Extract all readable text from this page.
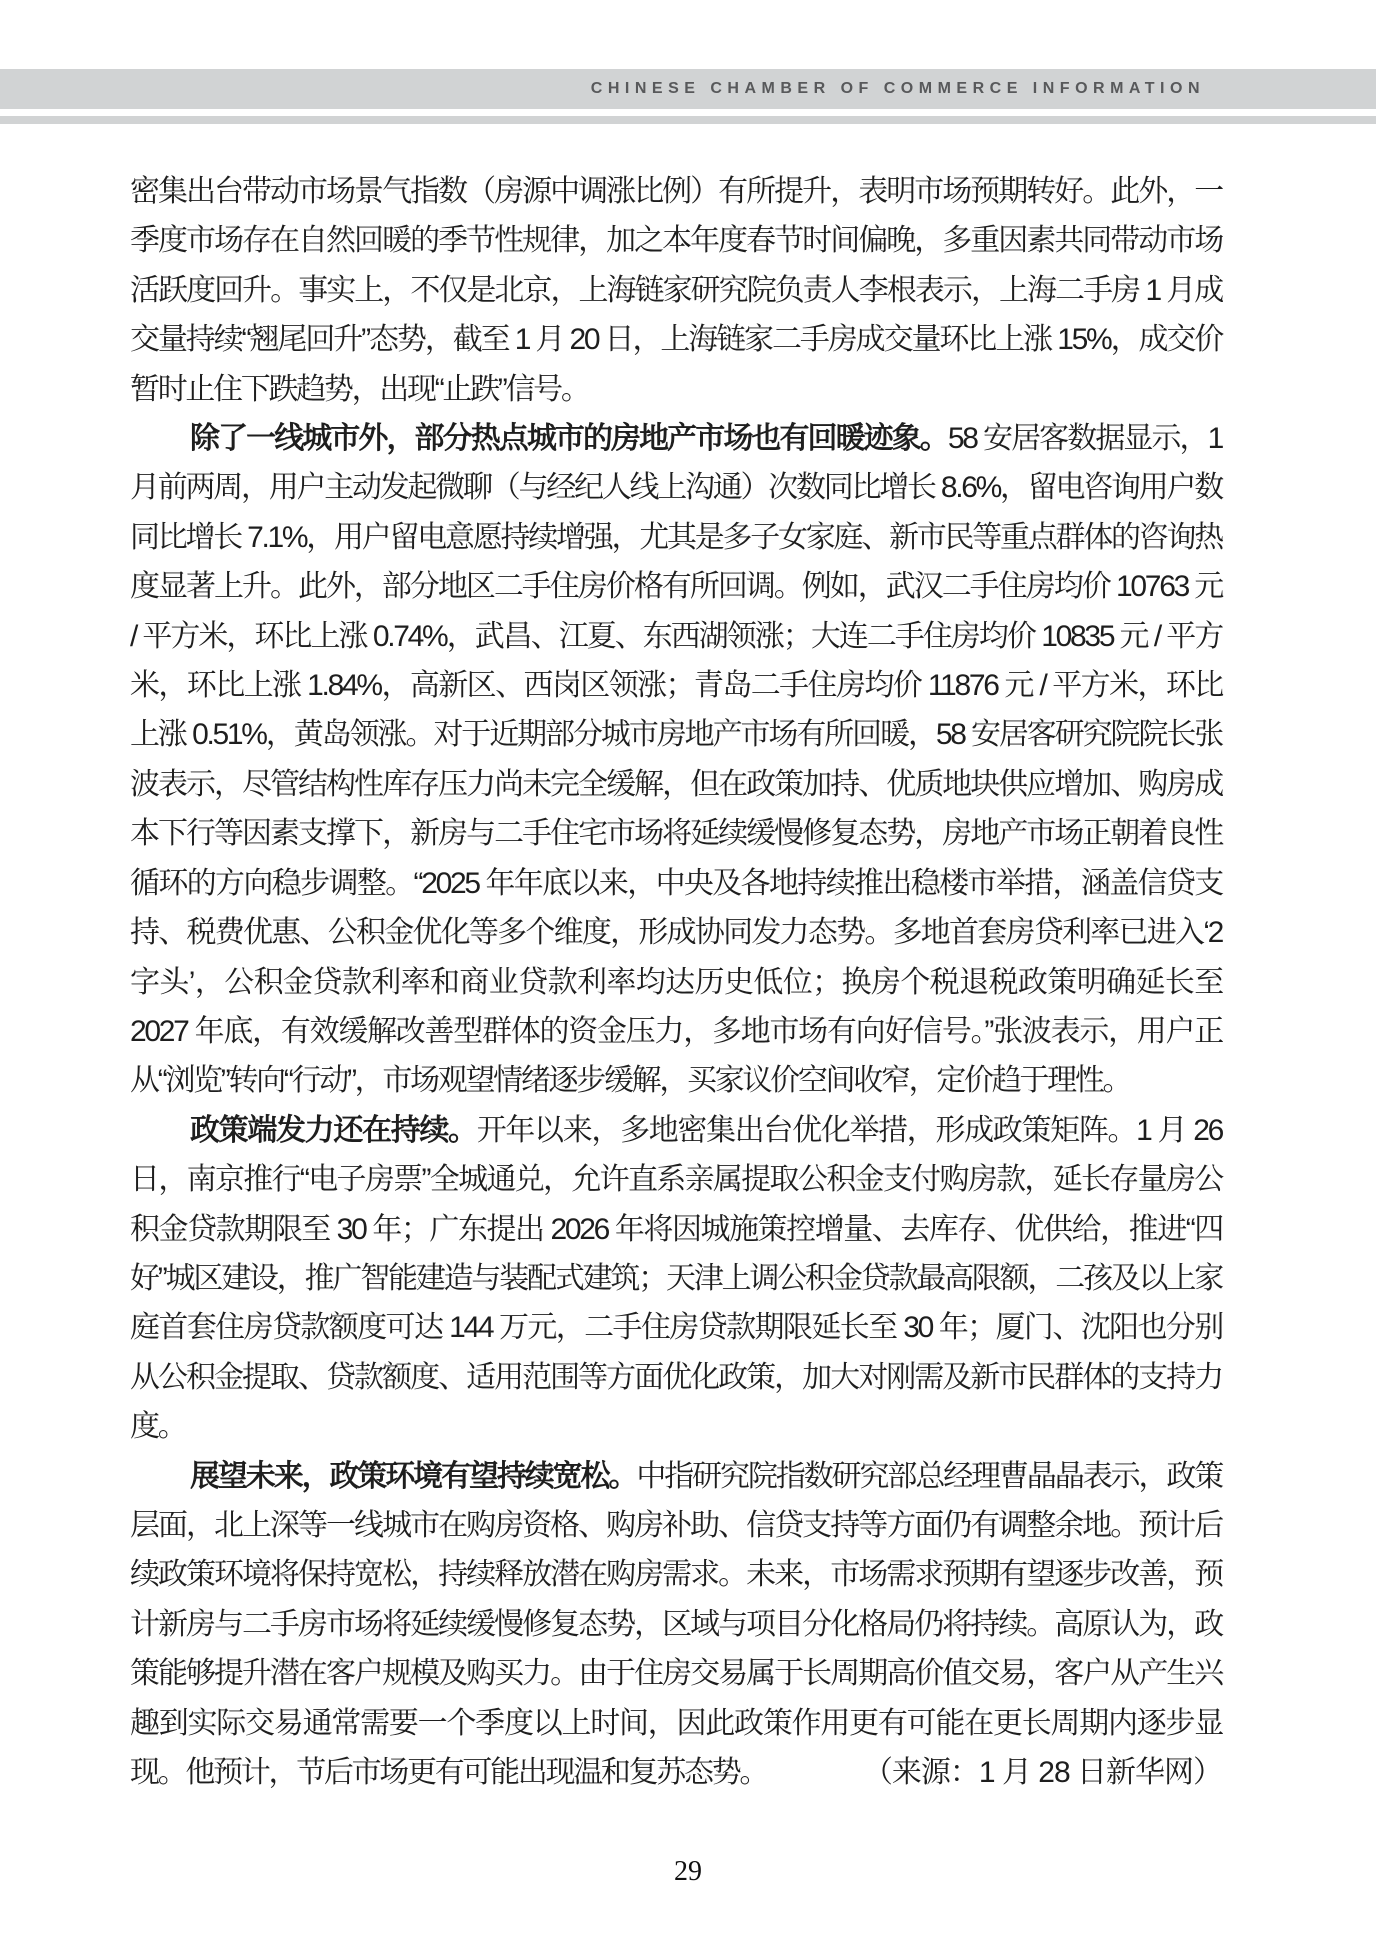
CHINESE CHAMBER OF COMMERCE INFORMATION

密集出台带动市场景气指数（房源中调涨比例）有所提升，表明市场预期转好。此外，一季度市场存在自然回暖的季节性规律，加之本年度春节时间偏晚，多重因素共同带动市场活跃度回升。事实上，不仅是北京，上海链家研究院负责人李根表示，上海二手房 1 月成交量持续“翘尾回升”态势，截至 1 月 20 日，上海链家二手房成交量环比上涨 15%，成交价暂时止住下跌趋势，出现“止跌”信号。

除了一线城市外，部分热点城市的房地产市场也有回暖迹象。58 安居客数据显示，1 月前两周，用户主动发起微聊（与经纪人线上沟通）次数同比增长 8.6%，留电咨询用户数同比增长 7.1%，用户留电意愿持续增强，尤其是多子女家庭、新市民等重点群体的咨询热度显著上升。此外，部分地区二手住房价格有所回调。例如，武汉二手住房均价 10763 元 / 平方米，环比上涨 0.74%，武昌、江夏、东西湖领涨；大连二手住房均价 10835 元 / 平方米，环比上涨 1.84%，高新区、西岗区领涨；青岛二手住房均价 11876 元 / 平方米，环比上涨 0.51%，黄岛领涨。对于近期部分城市房地产市场有所回暖，58 安居客研究院院长张波表示，尽管结构性库存压力尚未完全缓解，但在政策加持、优质地块供应增加、购房成本下行等因素支撑下，新房与二手住宅市场将延续缓慢修复态势，房地产市场正朝着良性循环的方向稳步调整。“2025 年年底以来，中央及各地持续推出稳楼市举措，涵盖信贷支持、税费优惠、公积金优化等多个维度，形成协同发力态势。多地首套房贷利率已进入‘2 字头’，公积金贷款利率和商业贷款利率均达历史低位；换房个税退税政策明确延长至 2027 年底，有效缓解改善型群体的资金压力，多地市场有向好信号。”张波表示，用户正从“浏览”转向“行动”，市场观望情绪逐步缓解，买家议价空间收窄，定价趋于理性。

政策端发力还在持续。开年以来，多地密集出台优化举措，形成政策矩阵。1 月 26 日，南京推行“电子房票”全城通兑，允许直系亲属提取公积金支付购房款，延长存量房公积金贷款期限至 30 年；广东提出 2026 年将因城施策控增量、去库存、优供给，推进“四好”城区建设，推广智能建造与装配式建筑；天津上调公积金贷款最高限额，二孩及以上家庭首套住房贷款额度可达 144 万元，二手住房贷款期限延长至 30 年；厦门、沈阳也分别从公积金提取、贷款额度、适用范围等方面优化政策，加大对刚需及新市民群体的支持力度。

展望未来，政策环境有望持续宽松。中指研究院指数研究部总经理曹晶晶表示，政策层面，北上深等一线城市在购房资格、购房补助、信贷支持等方面仍有调整余地。预计后续政策环境将保持宽松，持续释放潜在购房需求。未来，市场需求预期有望逐步改善，预计新房与二手房市场将延续缓慢修复态势，区域与项目分化格局仍将持续。高原认为，政策能够提升潜在客户规模及购买力。由于住房交易属于长周期高价值交易，客户从产生兴趣到实际交易通常需要一个季度以上时间，因此政策作用更有可能在更长周期内逐步显现。他预计，节后市场更有可能出现温和复苏态势。	（来源：1 月 28 日新华网）

29
